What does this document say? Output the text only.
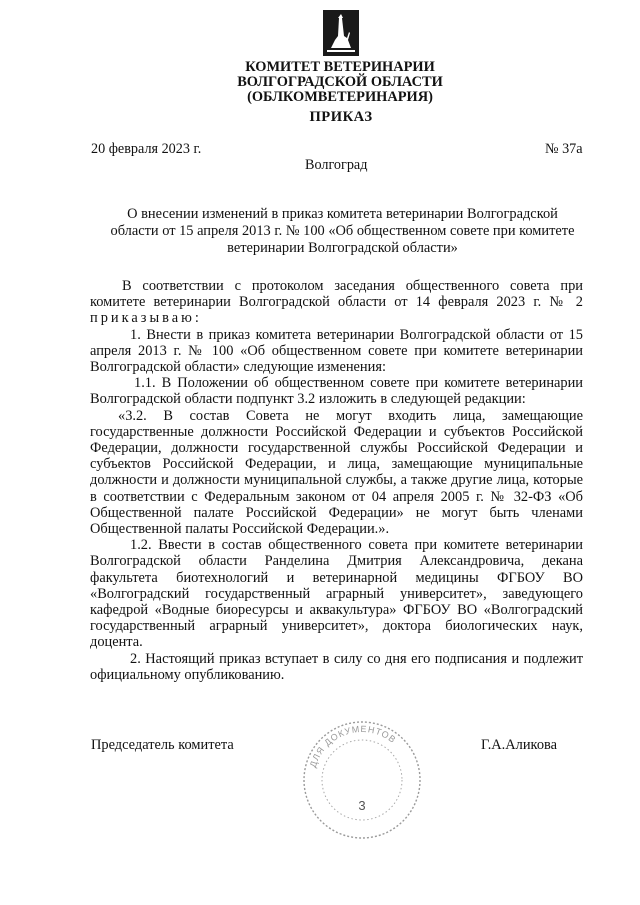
КОМИТЕТ ВЕТЕРИНАРИИ
ВОЛГОГРАДСКОЙ ОБЛАСТИ
(ОБЛКОМВЕТЕРИНАРИЯ)
ПРИКАЗ
20 февраля 2023 г.	№ 37а
Волгоград
О внесении изменений в приказ комитета ветеринарии Волгоградской
области от 15 апреля 2013 г. № 100 «Об общественном совете при комитете
ветеринарии Волгоградской области»

В соответствии с протоколом заседания общественного совета при комитете ветеринарии Волгоградской области от 14 февраля 2023 г. № 2 приказываю:

1. Внести в приказ комитета ветеринарии Волгоградской области от 15 апреля 2013 г. № 100 «Об общественном совете при комитете ветеринарии Волгоградской области» следующие изменения:

1.1. В Положении об общественном совете при комитете ветеринарии Волгоградской области подпункт 3.2 изложить в следующей редакции:

«3.2. В состав Совета не могут входить лица, замещающие государственные должности Российской Федерации и субъектов Российской Федерации, должности государственной службы Российской Федерации и субъектов Российской Федерации, и лица, замещающие муниципальные должности и должности муниципальной службы, а также другие лица, которые в соответствии с Федеральным законом от 04 апреля 2005 г. № 32-ФЗ «Об Общественной палате Российской Федерации» не могут быть членами Общественной палаты Российской Федерации.».

1.2. Ввести в состав общественного совета при комитете ветеринарии Волгоградской области Ранделина Дмитрия Александровича, декана факультета биотехнологий и ветеринарной медицины ФГБОУ ВО «Волгоградский государственный аграрный университет», заведующего кафедрой «Водные биоресурсы и аквакультура» ФГБОУ ВО «Волгоградский государственный аграрный университет», доктора биологических наук, доцента.

2. Настоящий приказ вступает в силу со дня его подписания и подлежит официальному опубликованию.

Председатель комитета	Г.А.Аликова
ДЛЯ ДОКУМЕНТОВ
3
